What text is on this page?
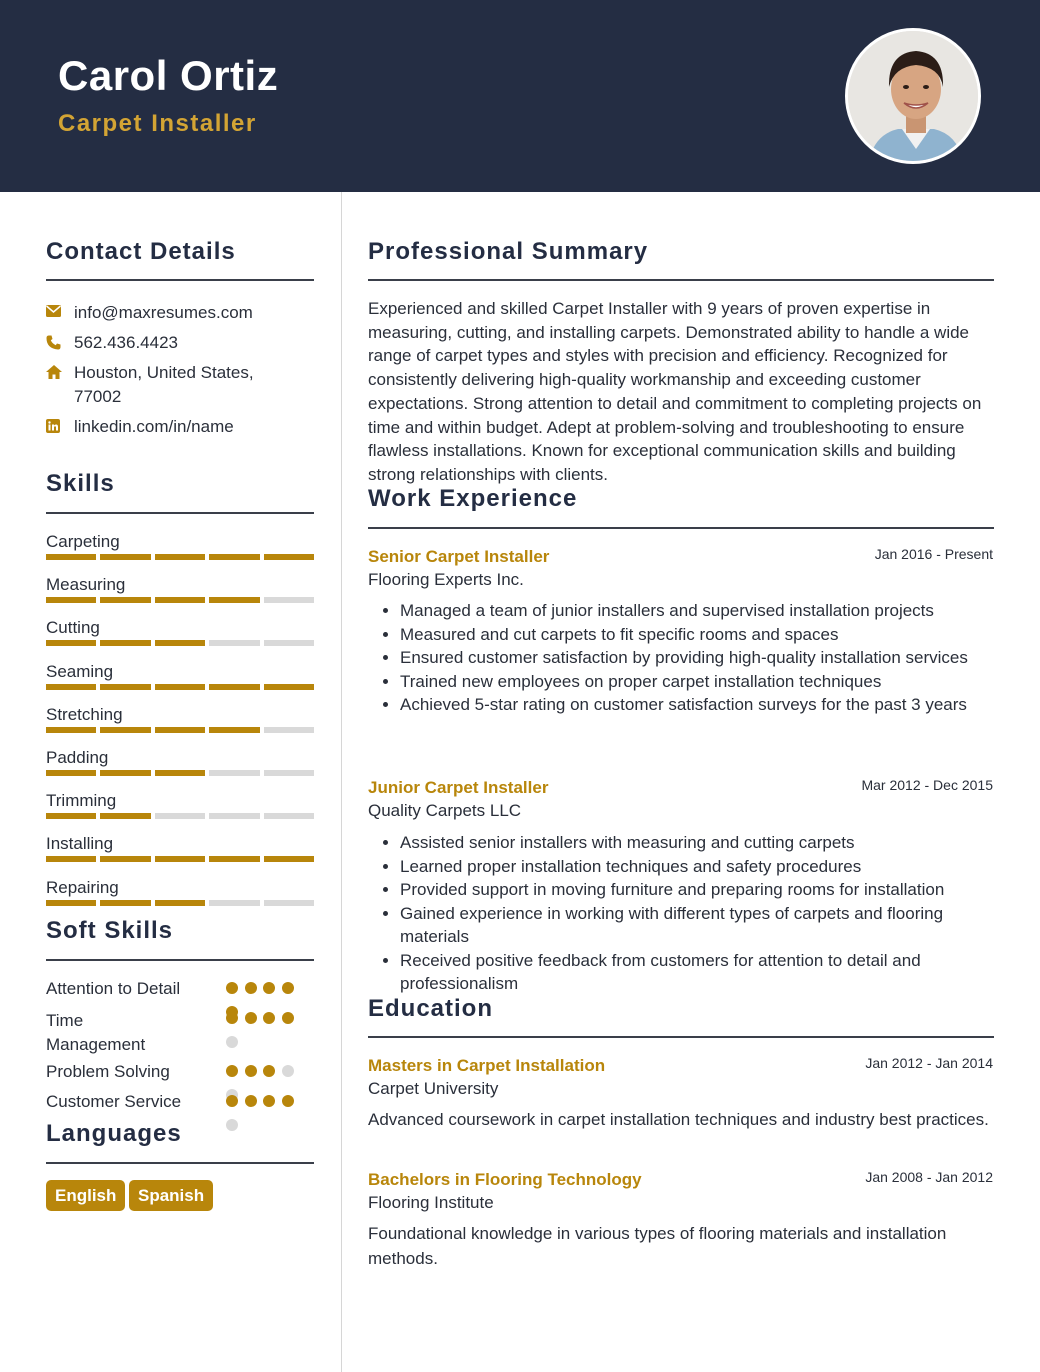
Carol Ortiz
Carpet Installer
Contact Details
info@maxresumes.com
562.436.4423
Houston, United States,
77002
linkedin.com/in/name
Skills
Carpeting
Measuring
Cutting
Seaming
Stretching
Padding
Trimming
Installing
Repairing
Soft Skills
Attention to Detail
Time
Management
Problem Solving
Customer Service
Languages
English	Spanish
Professional Summary
Experienced and skilled Carpet Installer with 9 years of proven expertise in measuring, cutting, and installing carpets. Demonstrated ability to handle a wide range of carpet types and styles with precision and efficiency. Recognized for consistently delivering high-quality workmanship and exceeding customer expectations. Strong attention to detail and commitment to completing projects on time and within budget. Adept at problem-solving and troubleshooting to ensure flawless installations. Known for exceptional communication skills and building strong relationships with clients.
Work Experience
Senior Carpet Installer	Jan 2016 - Present
Flooring Experts Inc.
• Managed a team of junior installers and supervised installation projects
• Measured and cut carpets to fit specific rooms and spaces
• Ensured customer satisfaction by providing high-quality installation services
• Trained new employees on proper carpet installation techniques
• Achieved 5-star rating on customer satisfaction surveys for the past 3 years
Junior Carpet Installer	Mar 2012 - Dec 2015
Quality Carpets LLC
• Assisted senior installers with measuring and cutting carpets
• Learned proper installation techniques and safety procedures
• Provided support in moving furniture and preparing rooms for installation
• Gained experience in working with different types of carpets and flooring materials
• Received positive feedback from customers for attention to detail and professionalism
Education
Masters in Carpet Installation	Jan 2012 - Jan 2014
Carpet University
Advanced coursework in carpet installation techniques and industry best practices.
Bachelors in Flooring Technology	Jan 2008 - Jan 2012
Flooring Institute
Foundational knowledge in various types of flooring materials and installation methods.
